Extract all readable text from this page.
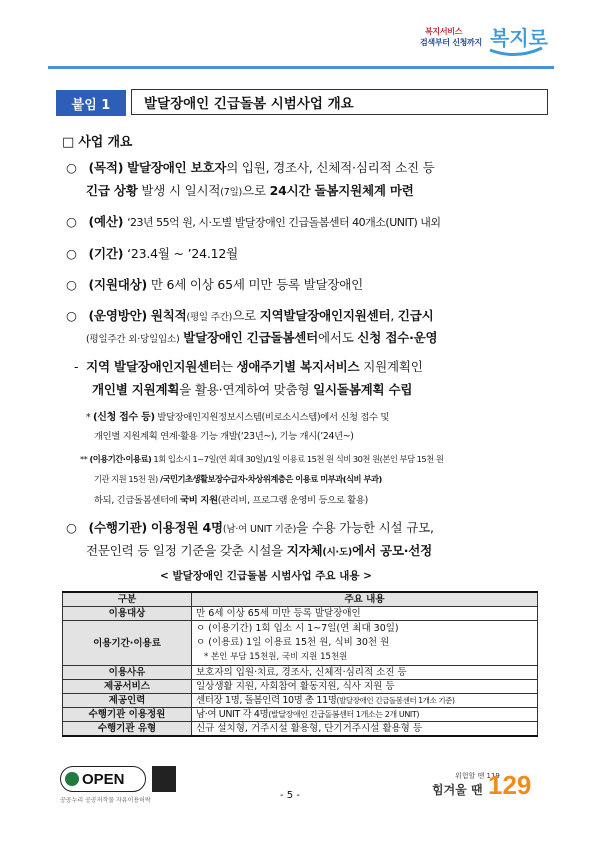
복지서비스
검색부터 신청까지 복지로
붙임 1	발달장애인 긴급돌봄 시범사업 개요
□ 사업 개요
○ (목적) 발달장애인 보호자의 입원, 경조사, 신체적·심리적 소진 등
긴급 상황 발생 시 일시적(7일)으로 24시간 돌봄지원체계 마련
○ (예산) ‘23년 55억 원, 시·도별 발달장애인 긴급돌봄센터 40개소(UNIT) 내외
○ (기간) ‘23.4월 ~ ’24.12월
○ (지원대상) 만 6세 이상 65세 미만 등록 발달장애인
○ (운영방안) 원칙적(평일 주간)으로 지역발달장애인지원센터, 긴급시
(평일주간 외·당일입소) 발달장애인 긴급돌봄센터에서도 신청 접수·운영
- 지역 발달장애인지원센터는 생애주기별 복지서비스 지원계획인
개인별 지원계획을 활용·연계하여 맞춤형 일시돌봄계획 수립
* (신청 접수 등) 발달장애인지원정보시스템(비로소시스템)에서 신청 접수 및
개인별 지원계획 연계·활용 기능 개발(‘23년~), 기능 개시(’24년~)
** (이용기간·이용료) 1회 입소시 1~7일(연 최대 30일)/1일 이용료 15천 원 식비 30천 원(본인 부담 15천 원
기관 지원 15천 원) /국민기초생활보장수급자·차상위계층은 이용료 미부과(식비 부과)
하되, 긴급돌봄센터에 국비 지원(관리비, 프로그램 운영비 등으로 활용)
○ (수행기관) 이용정원 4명(남·여 UNIT 기준)을 수용 가능한 시설 규모,
전문인력 등 일정 기준을 갖춘 시설을 지자체(시·도)에서 공모·선정
< 발달장애인 긴급돌봄 시범사업 주요 내용 >
구분	주요 내용
이용대상	만 6세 이상 65세 미만 등록 발달장애인
이용기간·이용료	ㅇ (이용기간) 1회 입소 시 1~7일(연 최대 30일)
ㅇ (이용료) 1일 이용료 15천 원, 식비 30천 원
* 본인 부담 15천원, 국비 지원 15천원

이용사유	보호자의 입원·치료, 경조사, 신체적·심리적 소진 등
제공서비스	일상생활 지원, 사회참여 활동지원, 식사 지원 등
제공인력	센터장 1명, 돌봄인력 10명 총 11명(발달장애인 긴급돌봄센터 1개소 기준)
수행기관 이용정원	남·여 UNIT 각 4명(발달장애인 긴급돌봄센터 1개소는 2개 UNIT)
수행기관 유형	신규 설치형, 거주시설 활용형, 단기거주시설 활용형 등
OPEN
공공누리 공공저작물 자유이용허락	- 5 -
위험할 땐 119
힘겨울 땐 129
